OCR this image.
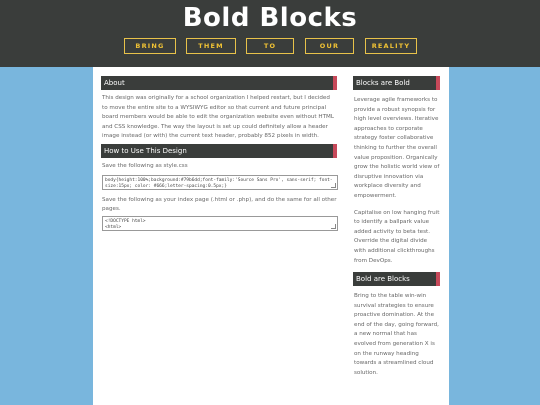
Bold Blocks
BRING	THEM	TO	OUR	REALITY
About
This design was originally for a school organization I helped restart, but I decided to move the entire site to a WYSIWYG editor so that current and future principal board members would be able to edit the organization website even without HTML and CSS knowledge. The way the layout is set up could definitely allow a header image instead (or with) the current text header, probably 852 pixels in width.
How to Use This Design
Save the following as style.css
body{height:100%;background:#79b6dd;font-family:'Source Sans Pro', sans-serif; font-size:15px; color: #666;letter-spacing:0.5px;}
Save the following as your index page (.html or .php), and do the same for all other pages.
<!DOCTYPE html>
<html>
Blocks are Bold
Leverage agile frameworks to provide a robust synopsis for high level overviews. Iterative approaches to corporate strategy foster collaborative thinking to further the overall value proposition. Organically grow the holistic world view of disruptive innovation via workplace diversity and empowerment.
Capitalise on low hanging fruit to identify a ballpark value added activity to beta test. Override the digital divide with additional clickthroughs from DevOps.
Bold are Blocks
Bring to the table win-win survival strategies to ensure proactive domination. At the end of the day, going forward, a new normal that has evolved from generation X is on the runway heading towards a streamlined cloud solution.
